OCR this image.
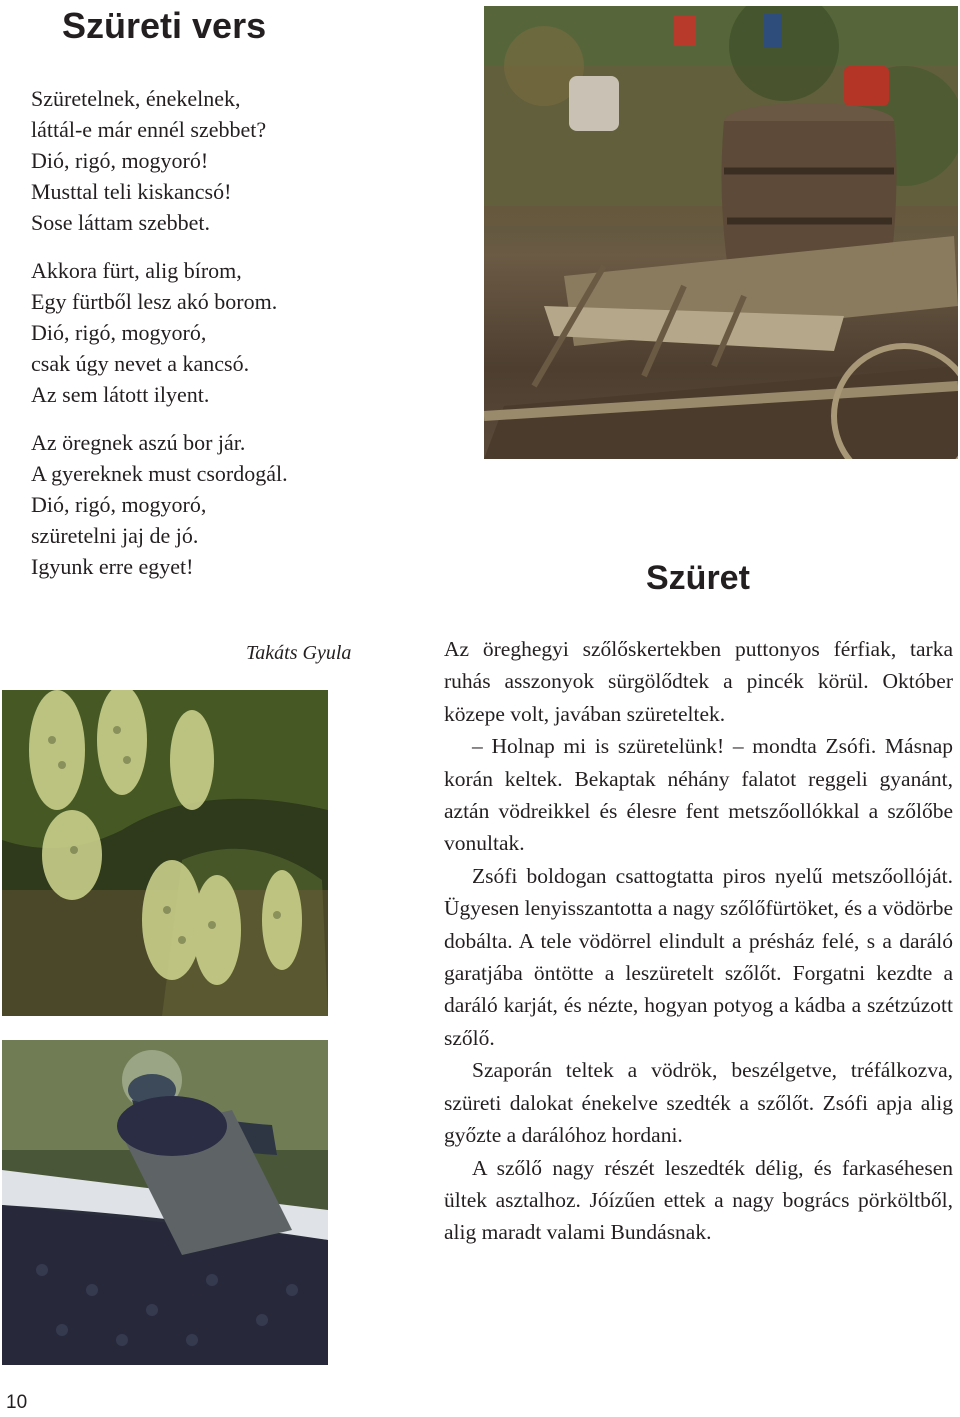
Szüreti vers
Szüretelnek, énekelnek,
láttál-e már ennél szebbet?
Dió, rigó, mogyoró!
Musttal teli kiskancsó!
Sose láttam szebbet.
Akkora fürt, alig bírom,
Egy fürtből lesz akó borom.
Dió, rigó, mogyoró,
csak úgy nevet a kancsó.
Az sem látott ilyent.
Az öregnek aszú bor jár.
A gyereknek must csordogál.
Dió, rigó, mogyoró,
szüretelni jaj de jó.
Igyunk erre egyet!
Takáts Gyula
Szüret

Az öreghegyi szőlőskertekben puttonyos férfiak, tarka ruhás asszonyok sürgölődtek a pincék körül. Október közepe volt, javában szüreteltek.

– Holnap mi is szüretelünk! – mondta Zsófi. Másnap korán keltek. Bekaptak néhány falatot reggeli gyanánt, aztán vödreikkel és élesre fent metszőollókkal a szőlőbe vonultak.

Zsófi boldogan csattogtatta piros nyelű metszőollóját. Ügyesen lenyisszantotta a nagy szőlőfürtöket, és a vödörbe dobálta. A tele vödörrel elindult a présház felé, s a daráló garatjába öntötte a leszüretelt szőlőt. Forgatni kezdte a daráló karját, és nézte, hogyan potyog a kádba a szétzúzott szőlő.

Szaporán teltek a vödrök, beszélgetve, tréfálkozva, szüreti dalokat énekelve szedték a szőlőt. Zsófi apja alig győzte a darálóhoz hordani.

A szőlő nagy részét leszedték délig, és farkaséhesen ültek asztalhoz. Jóízűen ettek a nagy bogrács pörköltből, alig maradt valami Bundásnak.

10
